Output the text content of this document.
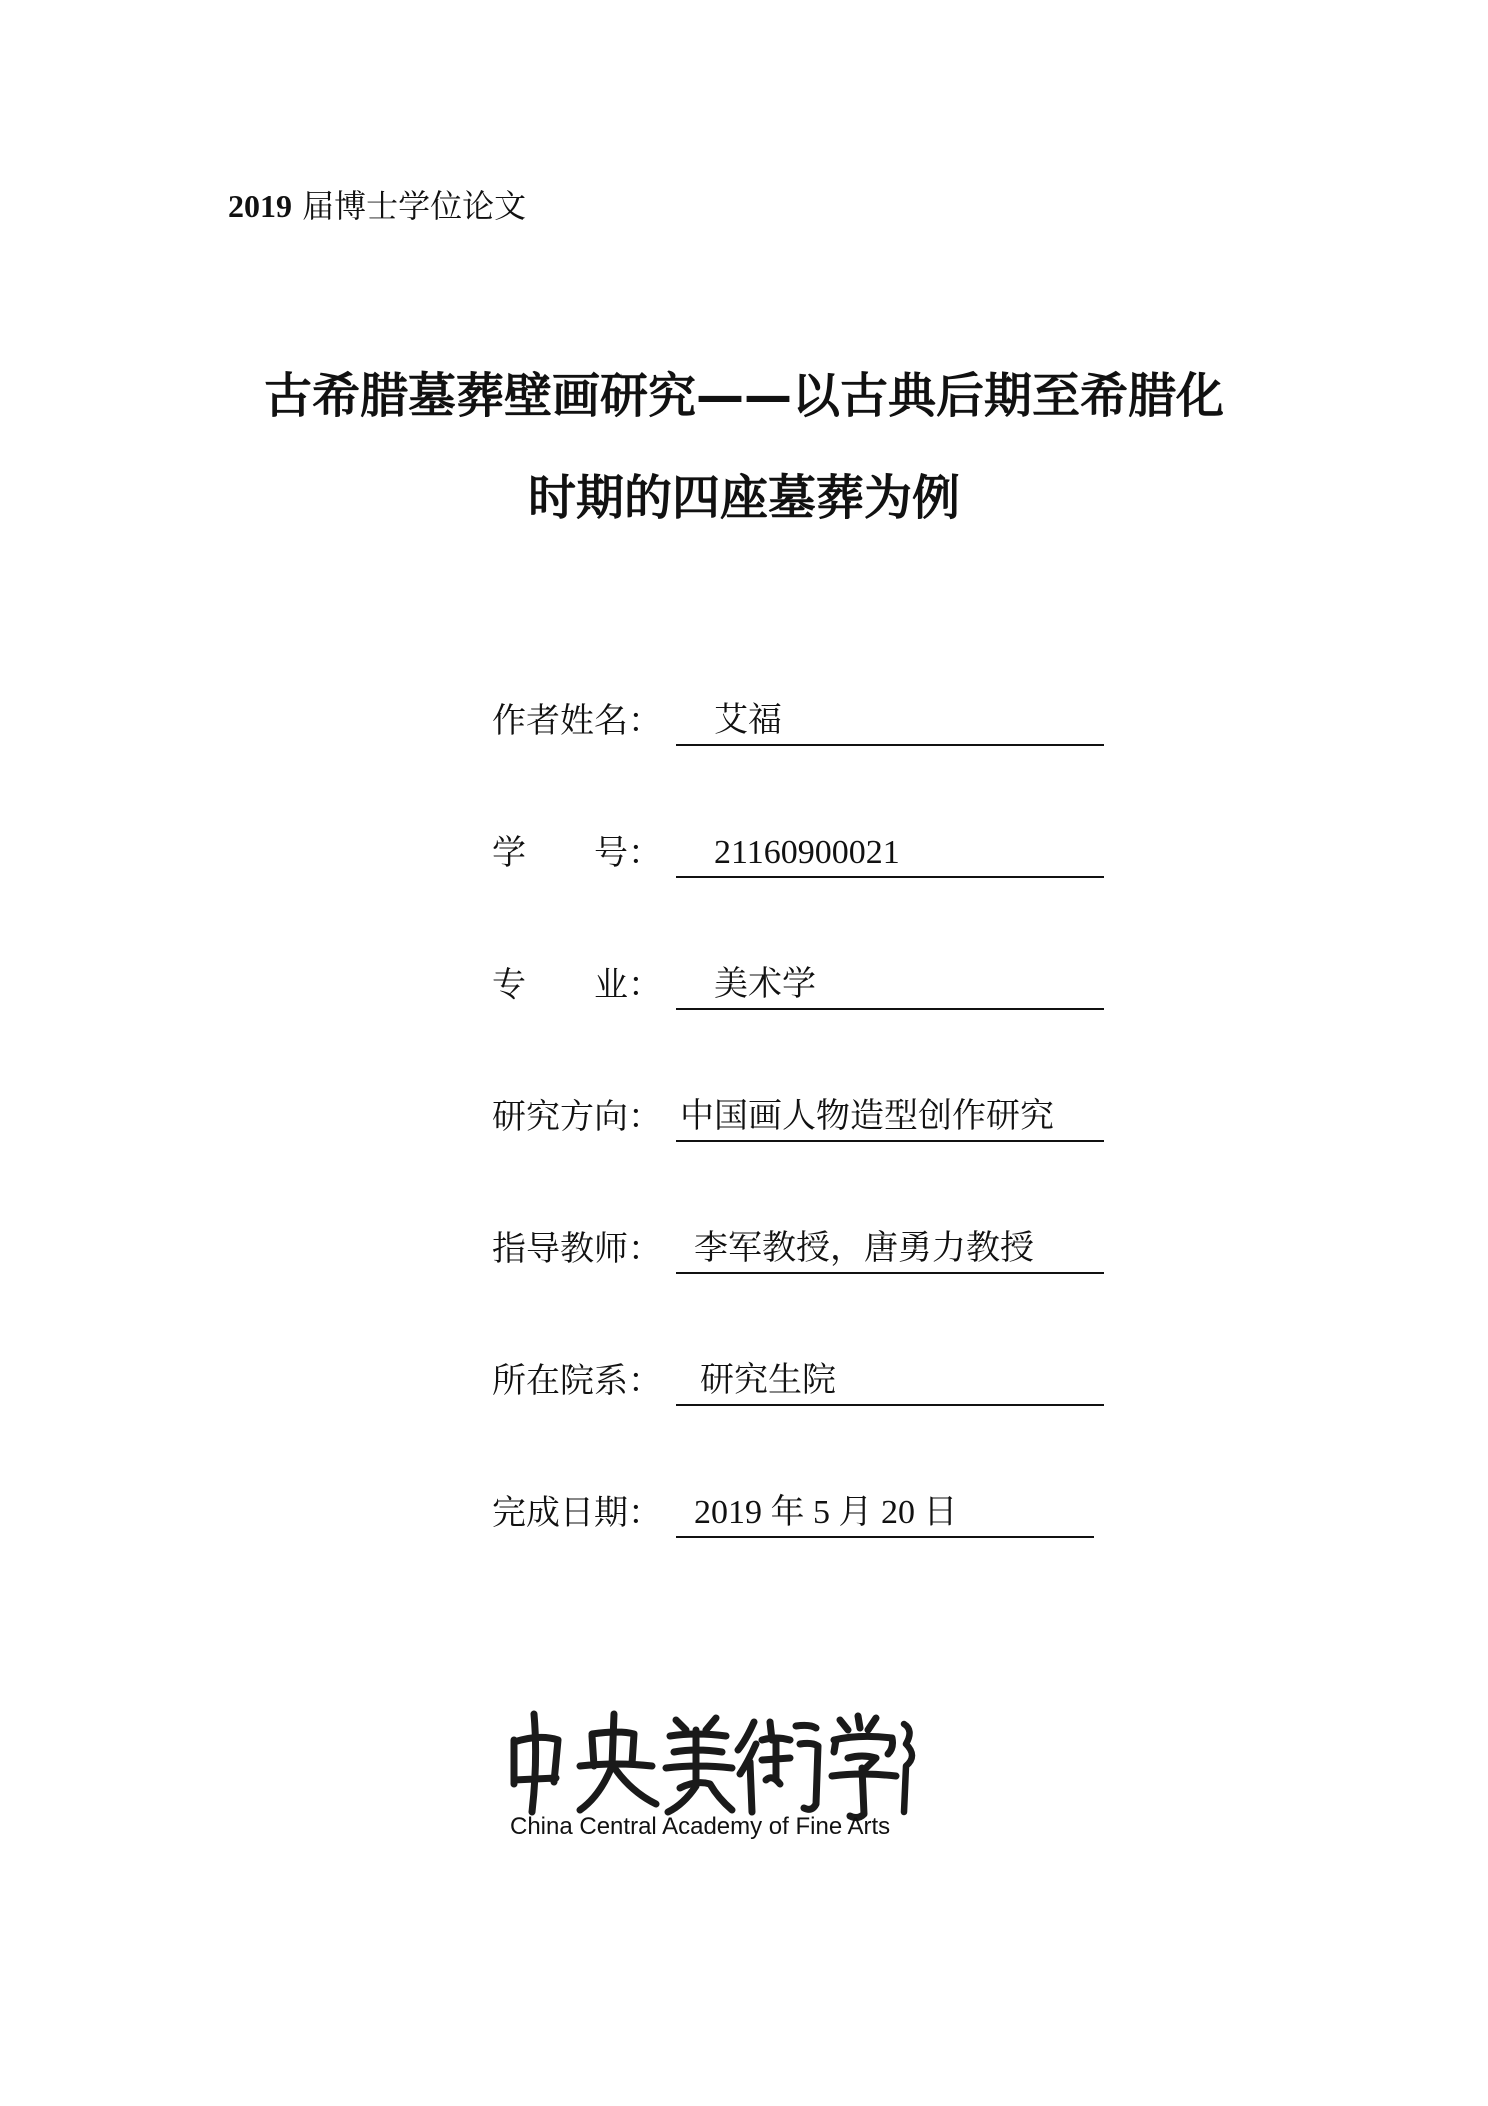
2019 届博士学位论文
古希腊墓葬壁画研究——以古典后期至希腊化
时期的四座墓葬为例
作者姓名：	艾福
学　　号：	21160900021
专　　业：	美术学
研究方向： 中国画人物造型创作研究
指导教师： 李军教授，唐勇力教授
所在院系：	研究生院
完成日期： 2019 年 5 月 20 日
China Central Academy of Fine Arts
